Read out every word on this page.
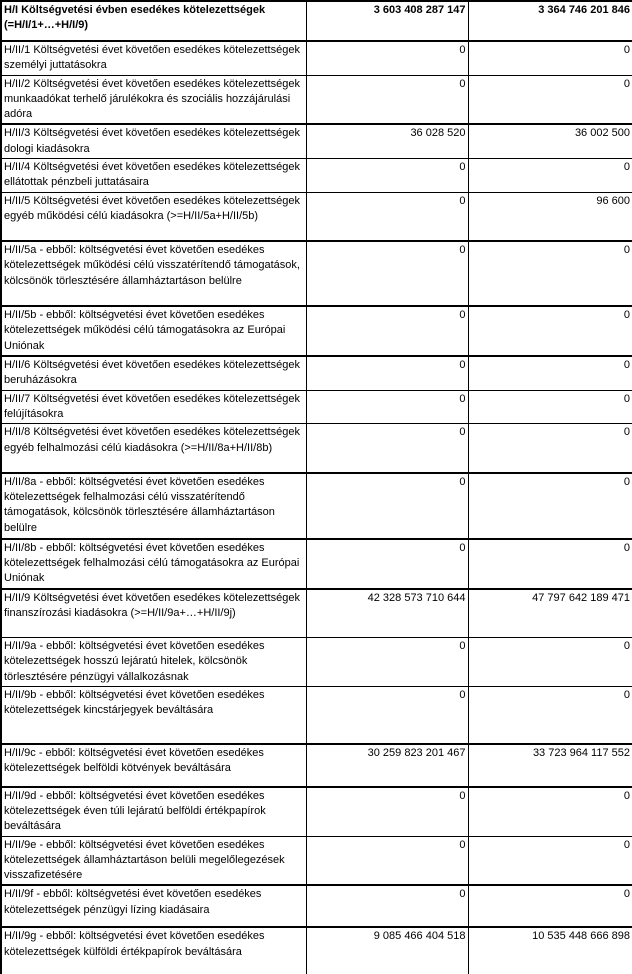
H/I Költségvetési évben esedékes kötelezettségek (=H/I/1+…+H/I/9)	3 603 408 287 147	3 364 746 201 846
H/II/1 Költségvetési évet követően esedékes kötelezettségek személyi juttatásokra	0	0
H/II/2 Költségvetési évet követően esedékes kötelezettségek munkaadókat terhelő járulékokra és szociális hozzájárulási adóra	0	0
H/II/3 Költségvetési évet követően esedékes kötelezettségek dologi kiadásokra	36 028 520	36 002 500
H/II/4 Költségvetési évet követően esedékes kötelezettségek ellátottak pénzbeli juttatásaira	0	0
H/II/5 Költségvetési évet követően esedékes kötelezettségek egyéb működési célú kiadásokra (>=H/II/5a+H/II/5b)	0	96 600
H/II/5a - ebből: költségvetési évet követően esedékes kötelezettségek működési célú visszatérítendő támogatások, kölcsönök törlesztésére államháztartáson belülre	0	0
H/II/5b - ebből: költségvetési évet követően esedékes kötelezettségek működési célú támogatásokra az Európai Uniónak	0	0
H/II/6 Költségvetési évet követően esedékes kötelezettségek beruházásokra	0	0
H/II/7 Költségvetési évet követően esedékes kötelezettségek felújításokra	0	0
H/II/8 Költségvetési évet követően esedékes kötelezettségek egyéb felhalmozási célú kiadásokra (>=H/II/8a+H/II/8b)	0	0
H/II/8a - ebből: költségvetési évet követően esedékes kötelezettségek felhalmozási célú visszatérítendő támogatások, kölcsönök törlesztésére államháztartáson belülre	0	0
H/II/8b - ebből: költségvetési évet követően esedékes kötelezettségek felhalmozási célú támogatásokra az Európai Uniónak	0	0
H/II/9 Költségvetési évet követően esedékes kötelezettségek finanszírozási kiadásokra (>=H/II/9a+…+H/II/9j)	42 328 573 710 644	47 797 642 189 471
H/II/9a - ebből: költségvetési évet követően esedékes kötelezettségek hosszú lejáratú hitelek, kölcsönök törlesztésére pénzügyi vállalkozásnak	0	0
H/II/9b - ebből: költségvetési évet követően esedékes kötelezettségek kincstárjegyek beváltására	0	0
H/II/9c - ebből: költségvetési évet követően esedékes kötelezettségek belföldi kötvények beváltására	30 259 823 201 467	33 723 964 117 552
H/II/9d - ebből: költségvetési évet követően esedékes kötelezettségek éven túli lejáratú belföldi értékpapírok beváltására	0	0
H/II/9e - ebből: költségvetési évet követően esedékes kötelezettségek államháztartáson belüli megelőlegezések visszafizetésére	0	0
H/II/9f - ebből: költségvetési évet követően esedékes kötelezettségek pénzügyi lízing kiadásaira	0	0
H/II/9g - ebből: költségvetési évet követően esedékes kötelezettségek külföldi értékpapírok beváltására	9 085 466 404 518	10 535 448 666 898
